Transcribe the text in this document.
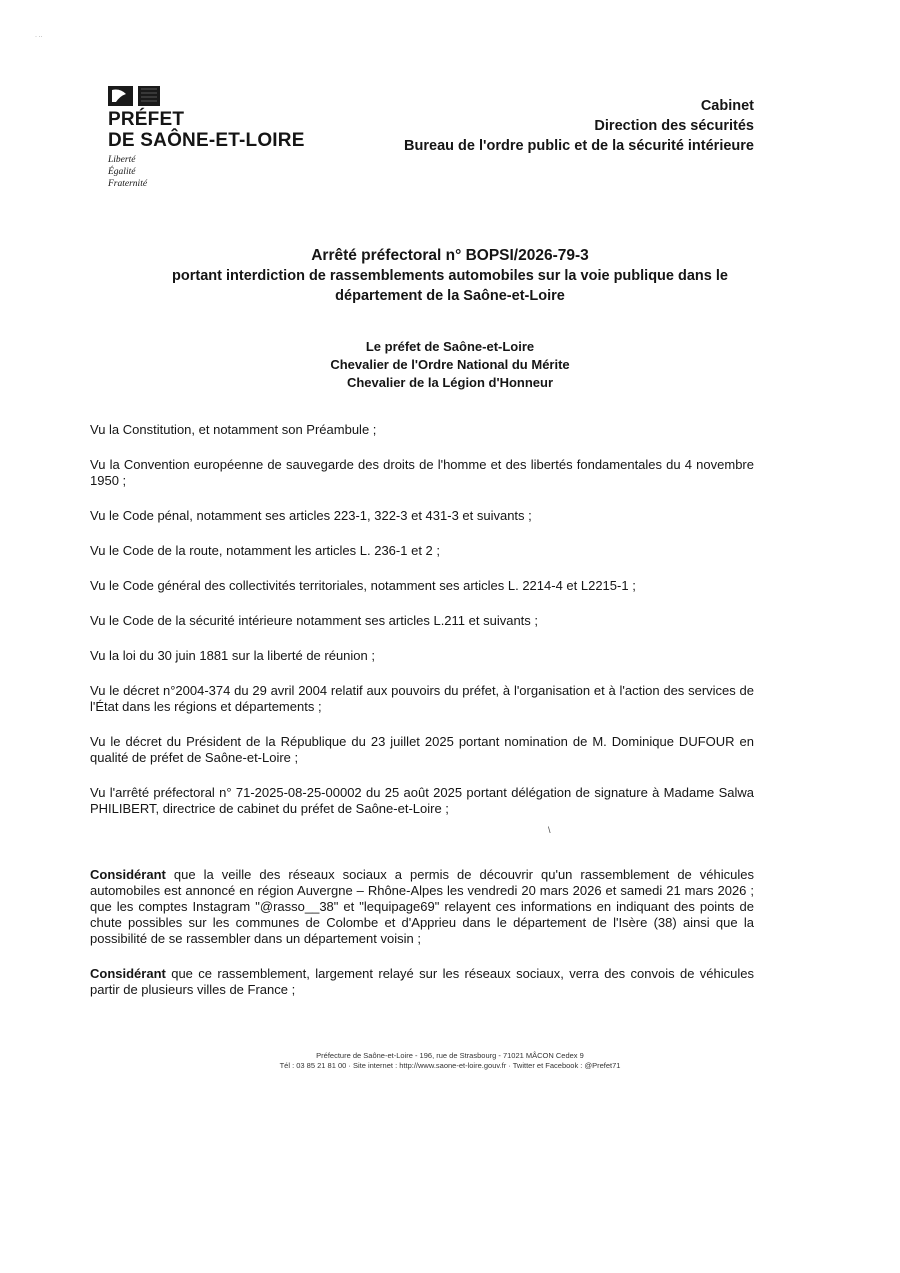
· ··
PRÉFET
DE SAÔNE-ET-LOIRE
Liberté
Égalité
Fraternité
Cabinet
Direction des sécurités
Bureau de l'ordre public et de la sécurité intérieure
Arrêté préfectoral n° BOPSI/2026-79-3
portant interdiction de rassemblements automobiles sur la voie publique dans le
département de la Saône-et-Loire
Le préfet de Saône-et-Loire
Chevalier de l'Ordre National du Mérite
Chevalier de la Légion d'Honneur

Vu la Constitution, et notamment son Préambule ;

Vu la Convention européenne de sauvegarde des droits de l'homme et des libertés fondamentales du 4 novembre 1950 ;

Vu le Code pénal, notamment ses articles 223-1, 322-3 et 431-3 et suivants ;

Vu le Code de la route, notamment les articles L. 236-1 et 2 ;

Vu le Code général des collectivités territoriales, notamment ses articles L. 2214-4 et L2215-1 ;

Vu le Code de la sécurité intérieure notamment ses articles L.211 et suivants ;

Vu la loi du 30 juin 1881 sur la liberté de réunion ;

Vu le décret n°2004-374 du 29 avril 2004 relatif aux pouvoirs du préfet, à l'organisation et à l'action des services de l'État dans les régions et départements ;

Vu le décret du Président de la République du 23 juillet 2025 portant nomination de M. Dominique DUFOUR en qualité de préfet de Saône-et-Loire ;

Vu l'arrêté préfectoral n° 71-2025-08-25-00002 du 25 août 2025 portant délégation de signature à Madame Salwa PHILIBERT, directrice de cabinet du préfet de Saône-et-Loire ;

Considérant que la veille des réseaux sociaux a permis de découvrir qu'un rassemblement de véhicules automobiles est annoncé en région Auvergne – Rhône-Alpes les vendredi 20 mars 2026 et samedi 21 mars 2026 ; que les comptes Instagram "@rasso__38" et "lequipage69" relayent ces informations en indiquant des points de chute possibles sur les communes de Colombe et d'Apprieu dans le département de l'Isère (38) ainsi que la possibilité de se rassembler dans un département voisin ;

Considérant que ce rassemblement, largement relayé sur les réseaux sociaux, verra des convois de véhicules partir de plusieurs villes de France ;

\
Préfecture de Saône-et-Loire - 196, rue de Strasbourg - 71021 MÂCON Cedex 9
Tél : 03 85 21 81 00 · Site internet : http://www.saone-et-loire.gouv.fr · Twitter et Facebook : @Prefet71
